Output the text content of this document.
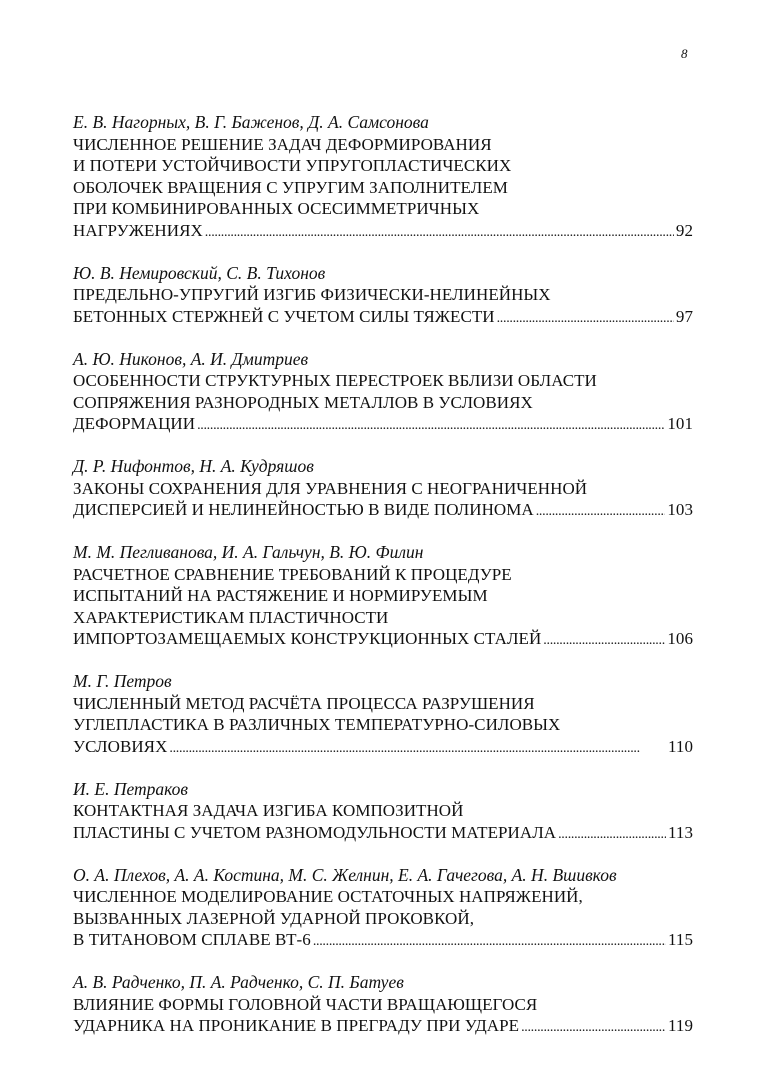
8
Е. В. Нагорных, В. Г. Баженов, Д. А. Самсонова
ЧИСЛЕННОЕ РЕШЕНИЕ ЗАДАЧ ДЕФОРМИРОВАНИЯ
И ПОТЕРИ УСТОЙЧИВОСТИ УПРУГОПЛАСТИЧЕСКИХ
ОБОЛОЧЕК ВРАЩЕНИЯ С УПРУГИМ ЗАПОЛНИТЕЛЕМ
ПРИ КОМБИНИРОВАННЫХ ОСЕСИММЕТРИЧНЫХ
НАГРУЖЕНИЯХ . . .	92
Ю. В. Немировский, С. В. Тихонов
ПРЕДЕЛЬНО-УПРУГИЙ ИЗГИБ ФИЗИЧЕСКИ-НЕЛИНЕЙНЫХ
БЕТОННЫХ СТЕРЖНЕЙ С УЧЕТОМ СИЛЫ ТЯЖЕСТИ . . .	97
А. Ю. Никонов, А. И. Дмитриев
ОСОБЕННОСТИ СТРУКТУРНЫХ ПЕРЕСТРОЕК ВБЛИЗИ ОБЛАСТИ
СОПРЯЖЕНИЯ РАЗНОРОДНЫХ МЕТАЛЛОВ В УСЛОВИЯХ
ДЕФОРМАЦИИ . . .	101
Д. Р. Нифонтов, Н. А. Кудряшов
ЗАКОНЫ СОХРАНЕНИЯ ДЛЯ УРАВНЕНИЯ С НЕОГРАНИЧЕННОЙ
ДИСПЕРСИЕЙ И НЕЛИНЕЙНОСТЬЮ В ВИДЕ ПОЛИНОМА . . .	103
М. М. Пегливанова, И. А. Гальчун, В. Ю. Филин
РАСЧЕТНОЕ СРАВНЕНИЕ ТРЕБОВАНИЙ К ПРОЦЕДУРЕ
ИСПЫТАНИЙ НА РАСТЯЖЕНИЕ И НОРМИРУЕМЫМ
ХАРАКТЕРИСТИКАМ ПЛАСТИЧНОСТИ
ИМПОРТОЗАМЕЩАЕМЫХ КОНСТРУКЦИОННЫХ СТАЛЕЙ . . .	106
М. Г. Петров
ЧИСЛЕННЫЙ МЕТОД РАСЧЁТА ПРОЦЕССА РАЗРУШЕНИЯ
УГЛЕПЛАСТИКА В РАЗЛИЧНЫХ ТЕМПЕРАТУРНО-СИЛОВЫХ
УСЛОВИЯХ . . .	110
И. Е. Петраков
КОНТАКТНАЯ ЗАДАЧА ИЗГИБА КОМПОЗИТНОЙ
ПЛАСТИНЫ С УЧЕТОМ РАЗНОМОДУЛЬНОСТИ МАТЕРИАЛА . . .	113
О. А. Плехов, А. А. Костина, М. С. Желнин, Е. А. Гачегова, А. Н. Вшивков
ЧИСЛЕННОЕ МОДЕЛИРОВАНИЕ ОСТАТОЧНЫХ НАПРЯЖЕНИЙ,
ВЫЗВАННЫХ ЛАЗЕРНОЙ УДАРНОЙ ПРОКОВКОЙ,
В ТИТАНОВОМ СПЛАВЕ ВТ-6 . . .	115
А. В. Радченко, П. А. Радченко, С. П. Батуев
ВЛИЯНИЕ ФОРМЫ ГОЛОВНОЙ ЧАСТИ ВРАЩАЮЩЕГОСЯ
УДАРНИКА НА ПРОНИКАНИЕ В ПРЕГРАДУ ПРИ УДАРЕ . . .	119
